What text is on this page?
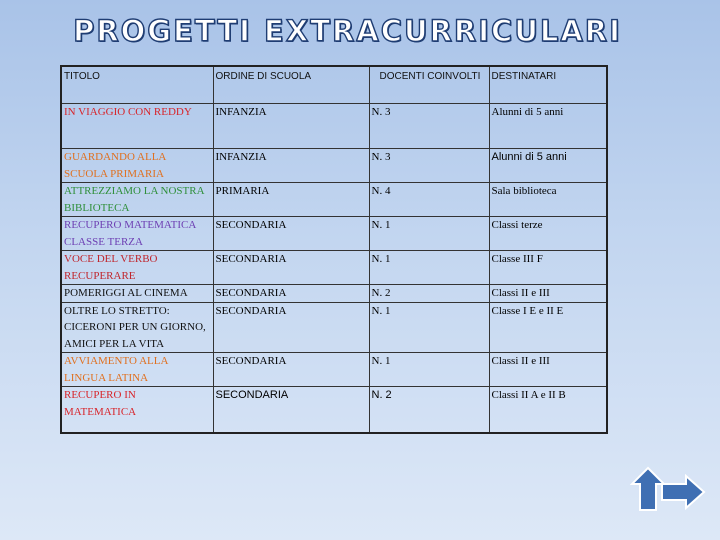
PROGETTI EXTRACURRICULARI
TITOLO	ORDINE DI SCUOLA	DOCENTI COINVOLTI	DESTINATARI
IN VIAGGIO CON REDDY	INFANZIA	N. 3	Alunni di 5 anni
GUARDANDO ALLA SCUOLA PRIMARIA	INFANZIA	N. 3	Alunni di 5 anni
ATTREZZIAMO LA NOSTRA BIBLIOTECA	PRIMARIA	N. 4	Sala biblioteca
RECUPERO MATEMATICA CLASSE TERZA	SECONDARIA	N. 1	Classi terze
VOCE DEL VERBO RECUPERARE	SECONDARIA	N. 1	Classe III F
POMERIGGI AL CINEMA	SECONDARIA	N. 2	Classi II e III
OLTRE LO STRETTO: CICERONI PER UN GIORNO, AMICI PER LA VITA	SECONDARIA	N. 1	Classe I E e II E
AVVIAMENTO ALLA LINGUA LATINA	SECONDARIA	N. 1	Classi II e III
RECUPERO IN MATEMATICA	SECONDARIA	N. 2	Classi II A e II B
